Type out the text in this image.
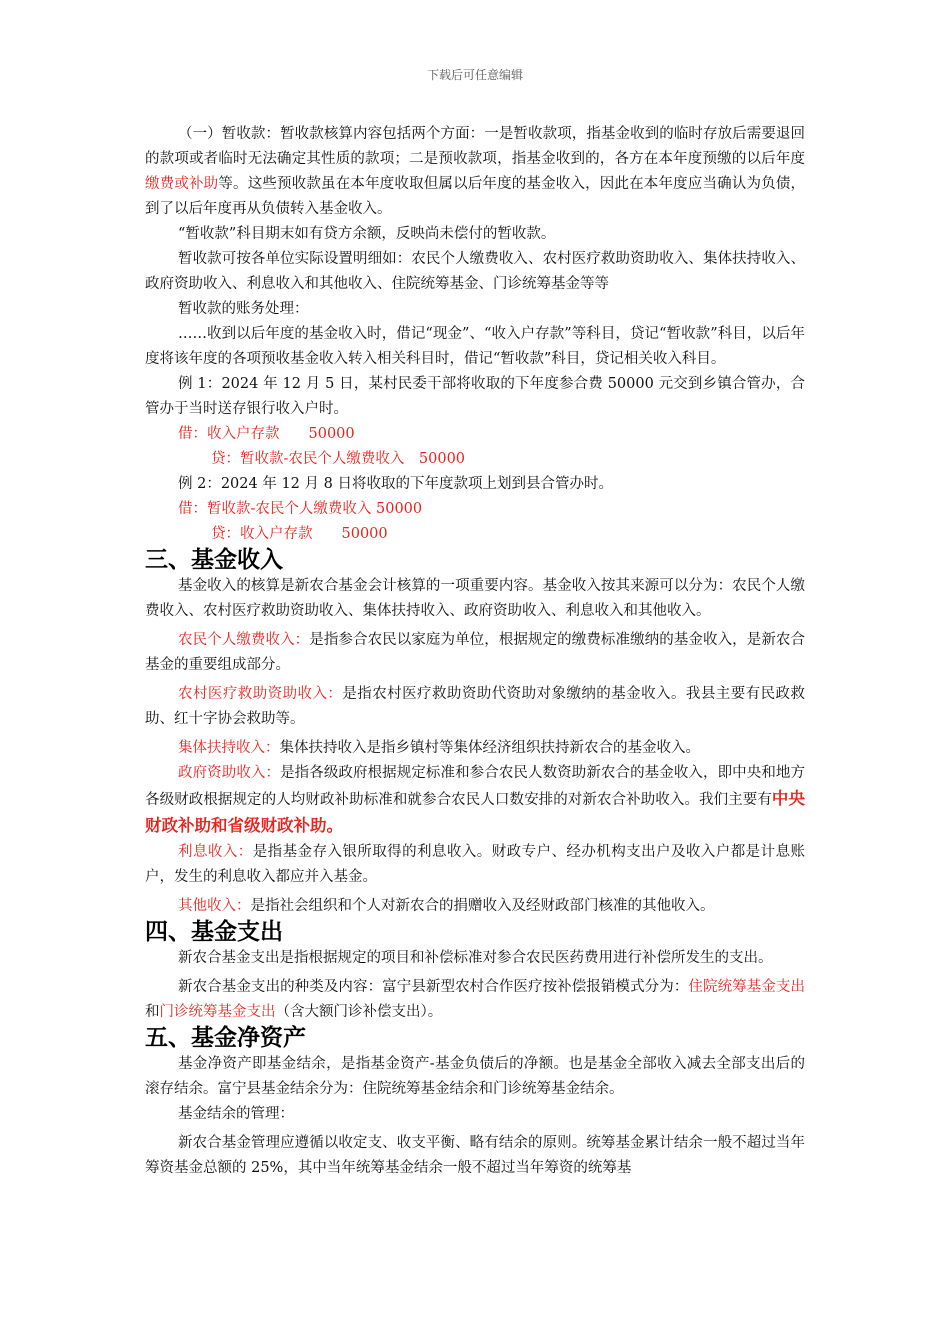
下载后可任意编辑

（一）暂收款：暂收款核算内容包括两个方面：一是暂收款项，指基金收到的临时存放后需要退回的款项或者临时无法确定其性质的款项；二是预收款项，指基金收到的，各方在本年度预缴的以后年度缴费或补助等。这些预收款虽在本年度收取但属以后年度的基金收入，因此在本年度应当确认为负债，到了以后年度再从负债转入基金收入。

“暂收款”科目期末如有贷方余额，反映尚未偿付的暂收款。

暂收款可按各单位实际设置明细如：农民个人缴费收入、农村医疗救助资助收入、集体扶持收入、政府资助收入、利息收入和其他收入、住院统筹基金、门诊统筹基金等等

暂收款的账务处理：

……收到以后年度的基金收入时，借记“现金”、“收入户存款”等科目，贷记“暂收款”科目，以后年度将该年度的各项预收基金收入转入相关科目时，借记“暂收款”科目，贷记相关收入科目。

例 1：2024 年 12 月 5 日，某村民委干部将收取的下年度参合费 50000 元交到乡镇合管办，合管办于当时送存银行收入户时。

借：收入户存款　　50000

贷：暂收款-农民个人缴费收入　50000

例 2：2024 年 12 月 8 日将收取的下年度款项上划到县合管办时。

借：暂收款-农民个人缴费收入 50000

贷：收入户存款　　50000

三、基金收入

基金收入的核算是新农合基金会计核算的一项重要内容。基金收入按其来源可以分为：农民个人缴费收入、农村医疗救助资助收入、集体扶持收入、政府资助收入、利息收入和其他收入。

农民个人缴费收入：是指参合农民以家庭为单位，根据规定的缴费标准缴纳的基金收入，是新农合基金的重要组成部分。

农村医疗救助资助收入：是指农村医疗救助资助代资助对象缴纳的基金收入。我县主要有民政救助、红十字协会救助等。

集体扶持收入：集体扶持收入是指乡镇村等集体经济组织扶持新农合的基金收入。

政府资助收入：是指各级政府根据规定标准和参合农民人数资助新农合的基金收入，即中央和地方各级财政根据规定的人均财政补助标准和就参合农民人口数安排的对新农合补助收入。我们主要有中央财政补助和省级财政补助。

利息收入：是指基金存入银所取得的利息收入。财政专户、经办机构支出户及收入户都是计息账户，发生的利息收入都应并入基金。

其他收入：是指社会组织和个人对新农合的捐赠收入及经财政部门核准的其他收入。

四、基金支出

新农合基金支出是指根据规定的项目和补偿标准对参合农民医药费用进行补偿所发生的支出。

新农合基金支出的种类及内容：富宁县新型农村合作医疗按补偿报销模式分为：住院统筹基金支出和门诊统筹基金支出（含大额门诊补偿支出）。

五、基金净资产

基金净资产即基金结余，是指基金资产-基金负债后的净额。也是基金全部收入减去全部支出后的滚存结余。富宁县基金结余分为：住院统筹基金结余和门诊统筹基金结余。

基金结余的管理：

新农合基金管理应遵循以收定支、收支平衡、略有结余的原则。统筹基金累计结余一般不超过当年筹资基金总额的 25%，其中当年统筹基金结余一般不超过当年筹资的统筹基
